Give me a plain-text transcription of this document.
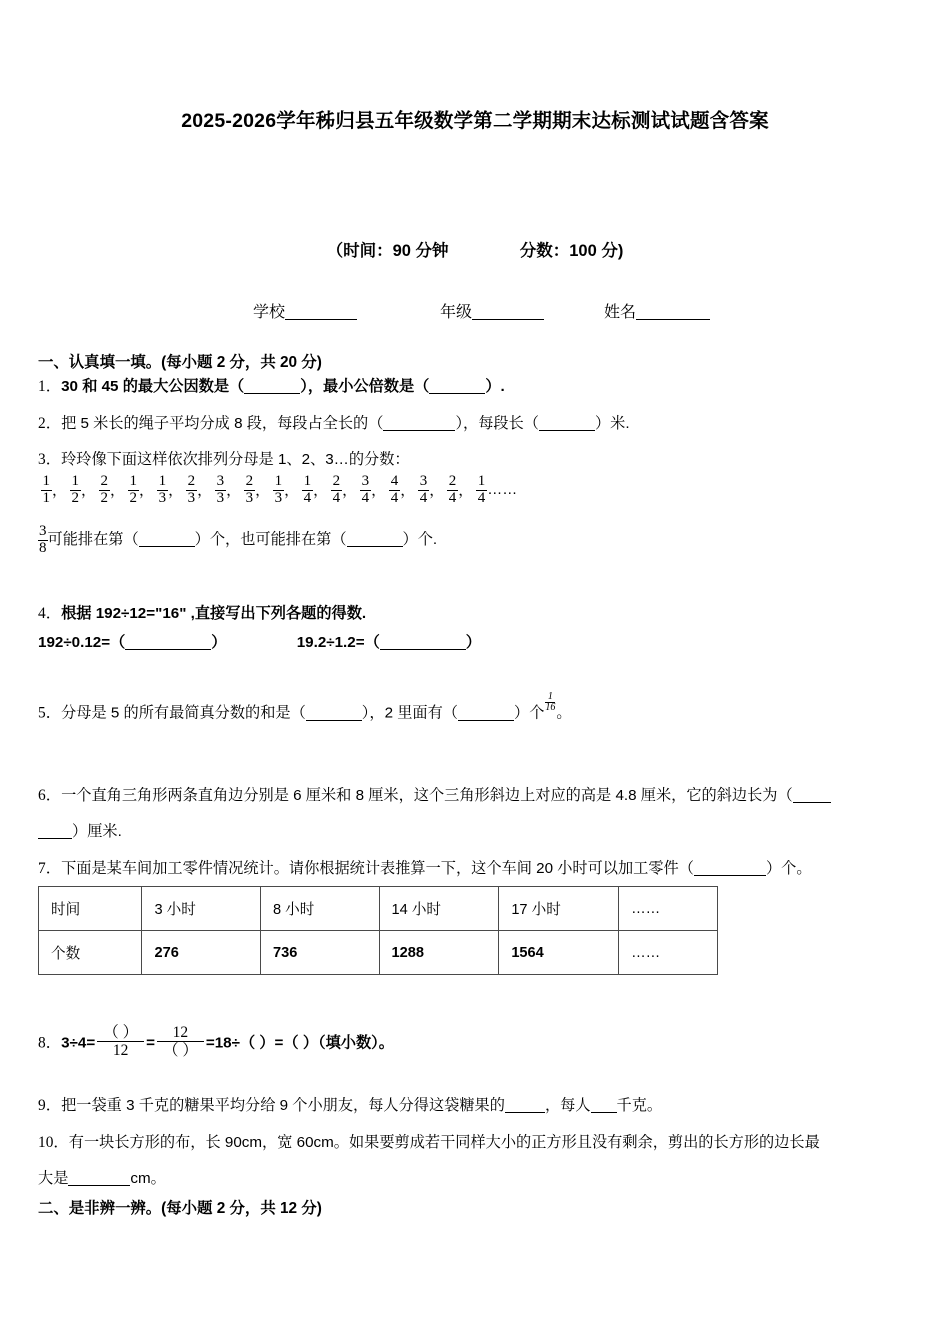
2025-2026学年秭归县五年级数学第二学期期末达标测试试题含答案
（时间：90 分钟	分数：100 分)
学校	年级	姓名
一、认真填一填。(每小题 2 分，共 20 分)
1．30 和 45 的最大公因数是（	），最小公倍数是（	）.
2．把 5 米长的绳子平均分成 8 段，每段占全长的（	），每段长（	）米.
3．玲玲像下面这样依次排列分母是 1、2、3…的分数：
$\frac{1}{1}$ ， $\frac{1}{2}$ ， $\frac{2}{2}$ ， $\frac{1}{2}$ ， $\frac{1}{3}$ ， $\frac{2}{3}$ ， $\frac{3}{3}$ ， $\frac{2}{3}$ ， $\frac{1}{3}$ ， $\frac{1}{4}$ ， $\frac{2}{4}$ ， $\frac{3}{4}$ ， $\frac{4}{4}$ ， $\frac{3}{4}$ ， $\frac{2}{4}$ ， $\frac{1}{4}$ ……
$\frac{3}{8}$ 可能排在第（	）个，也可能排在第（	）个.
4．根据 192÷12="16" ,直接写出下列各题的得数.
192÷0.12=（	）	19.2÷1.2=（	）
5．分母是 5 的所有最简真分数的和是（	），2 里面有（	）个 $\frac{1}{16}$ 。
6．一个直角三角形两条直角边分别是 6 厘米和 8 厘米，这个三角形斜边上对应的高是 4.8 厘米，它的斜边长为（
）厘米.
7．下面是某车间加工零件情况统计。请你根据统计表推算一下，这个车间 20 小时可以加工零件（	）个。
时间	3 小时	8 小时	14 小时	17 小时	……
个数	276	736	1288	1564	……
8．$3\div 4= \frac{( )}{12} = \frac{12}{( )} =18\div$（ ）=（ ）（填小数）。
9．把一袋重 3 千克的糖果平均分给 9 个小朋友，每人分得这袋糖果的	，每人 千克。
10．有一块长方形的布，长 90cm，宽 60cm。如果要剪成若干同样大小的正方形且没有剩余，剪出的长方形的边长最
大是	cm。
二、是非辨一辨。(每小题 2 分，共 12 分)
